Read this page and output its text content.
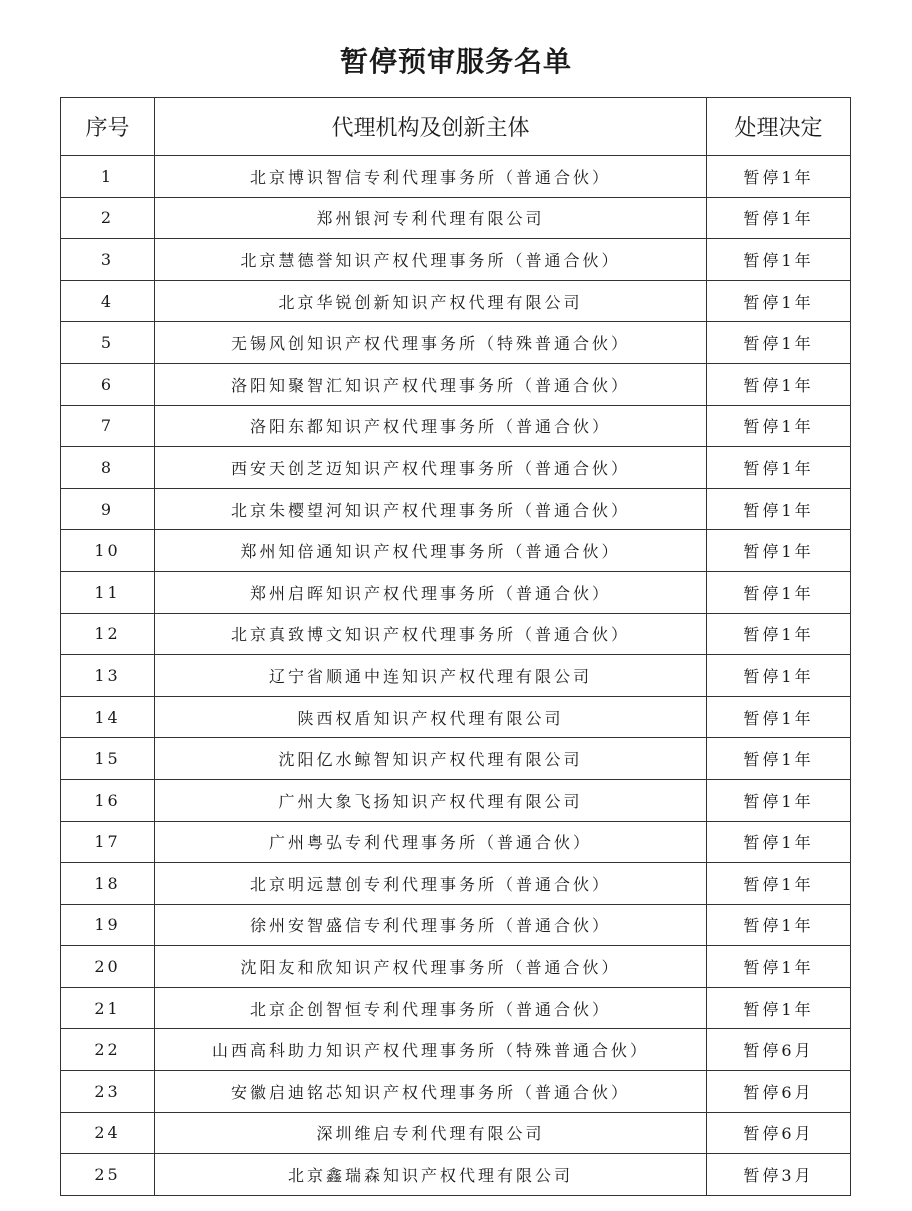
暂停预审服务名单
序号	代理机构及创新主体	处理决定
1	北京博识智信专利代理事务所（普通合伙）	暂停1年
2	郑州银河专利代理有限公司	暂停1年
3	北京慧德誉知识产权代理事务所（普通合伙）	暂停1年
4	北京华锐创新知识产权代理有限公司	暂停1年
5	无锡风创知识产权代理事务所（特殊普通合伙）	暂停1年
6	洛阳知聚智汇知识产权代理事务所（普通合伙）	暂停1年
7	洛阳东都知识产权代理事务所（普通合伙）	暂停1年
8	西安天创芝迈知识产权代理事务所（普通合伙）	暂停1年
9	北京朱樱望河知识产权代理事务所（普通合伙）	暂停1年
10	郑州知倍通知识产权代理事务所（普通合伙）	暂停1年
11	郑州启晖知识产权代理事务所（普通合伙）	暂停1年
12	北京真致博文知识产权代理事务所（普通合伙）	暂停1年
13	辽宁省顺通中连知识产权代理有限公司	暂停1年
14	陕西权盾知识产权代理有限公司	暂停1年
15	沈阳亿水鲸智知识产权代理有限公司	暂停1年
16	广州大象飞扬知识产权代理有限公司	暂停1年
17	广州粤弘专利代理事务所（普通合伙）	暂停1年
18	北京明远慧创专利代理事务所（普通合伙）	暂停1年
19	徐州安智盛信专利代理事务所（普通合伙）	暂停1年
20	沈阳友和欣知识产权代理事务所（普通合伙）	暂停1年
21	北京企创智恒专利代理事务所（普通合伙）	暂停1年
22	山西高科助力知识产权代理事务所（特殊普通合伙）	暂停6月
23	安徽启迪铭芯知识产权代理事务所（普通合伙）	暂停6月
24	深圳维启专利代理有限公司	暂停6月
25	北京鑫瑞森知识产权代理有限公司	暂停3月
